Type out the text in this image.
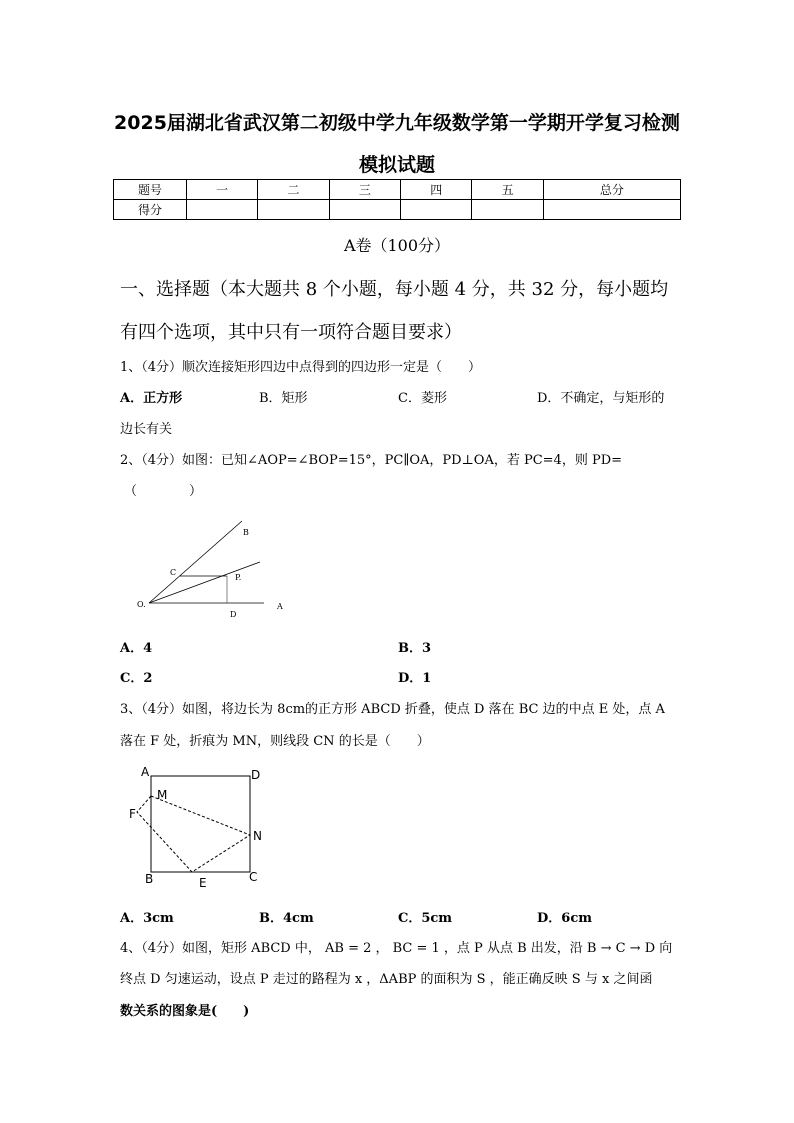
2025届湖北省武汉第二初级中学九年级数学第一学期开学复习检测
模拟试题
题号	一	二	三	四	五	总分
得分						
A卷（100分）
一、选择题（本大题共 8 个小题，每小题 4 分，共 32 分，每小题均
有四个选项，其中只有一项符合题目要求）
1、（4分）顺次连接矩形四边中点得到的四边形一定是（　　）
A．正方形	B．矩形	C．菱形	D．不确定，与矩形的
边长有关
2、（4分）如图：已知∠AOP=∠BOP=15°，PC∥OA，PD⊥OA，若 PC=4，则 PD=
（　　　　）
B
C
P.
O.
D
A
A	D
M
F
N
B	E	C
A．4	B．3
C．2	D．1
3、（4分）如图，将边长为 8cm的正方形 ABCD 折叠，使点 D 落在 BC 边的中点 E 处，点 A
落在 F 处，折痕为 MN，则线段 CN 的长是（　　）
A．3cm	B．4cm	C．5cm	D．6cm
4、（4分）如图，矩形 ABCD 中， AB = 2 ， BC = 1 ，点 P 从点 B 出发，沿 B → C → D 向
终点 D 匀速运动，设点 P 走过的路程为 x ，ΔABP 的面积为 S ，能正确反映 S 与 x 之间函
数关系的图象是(　　)
